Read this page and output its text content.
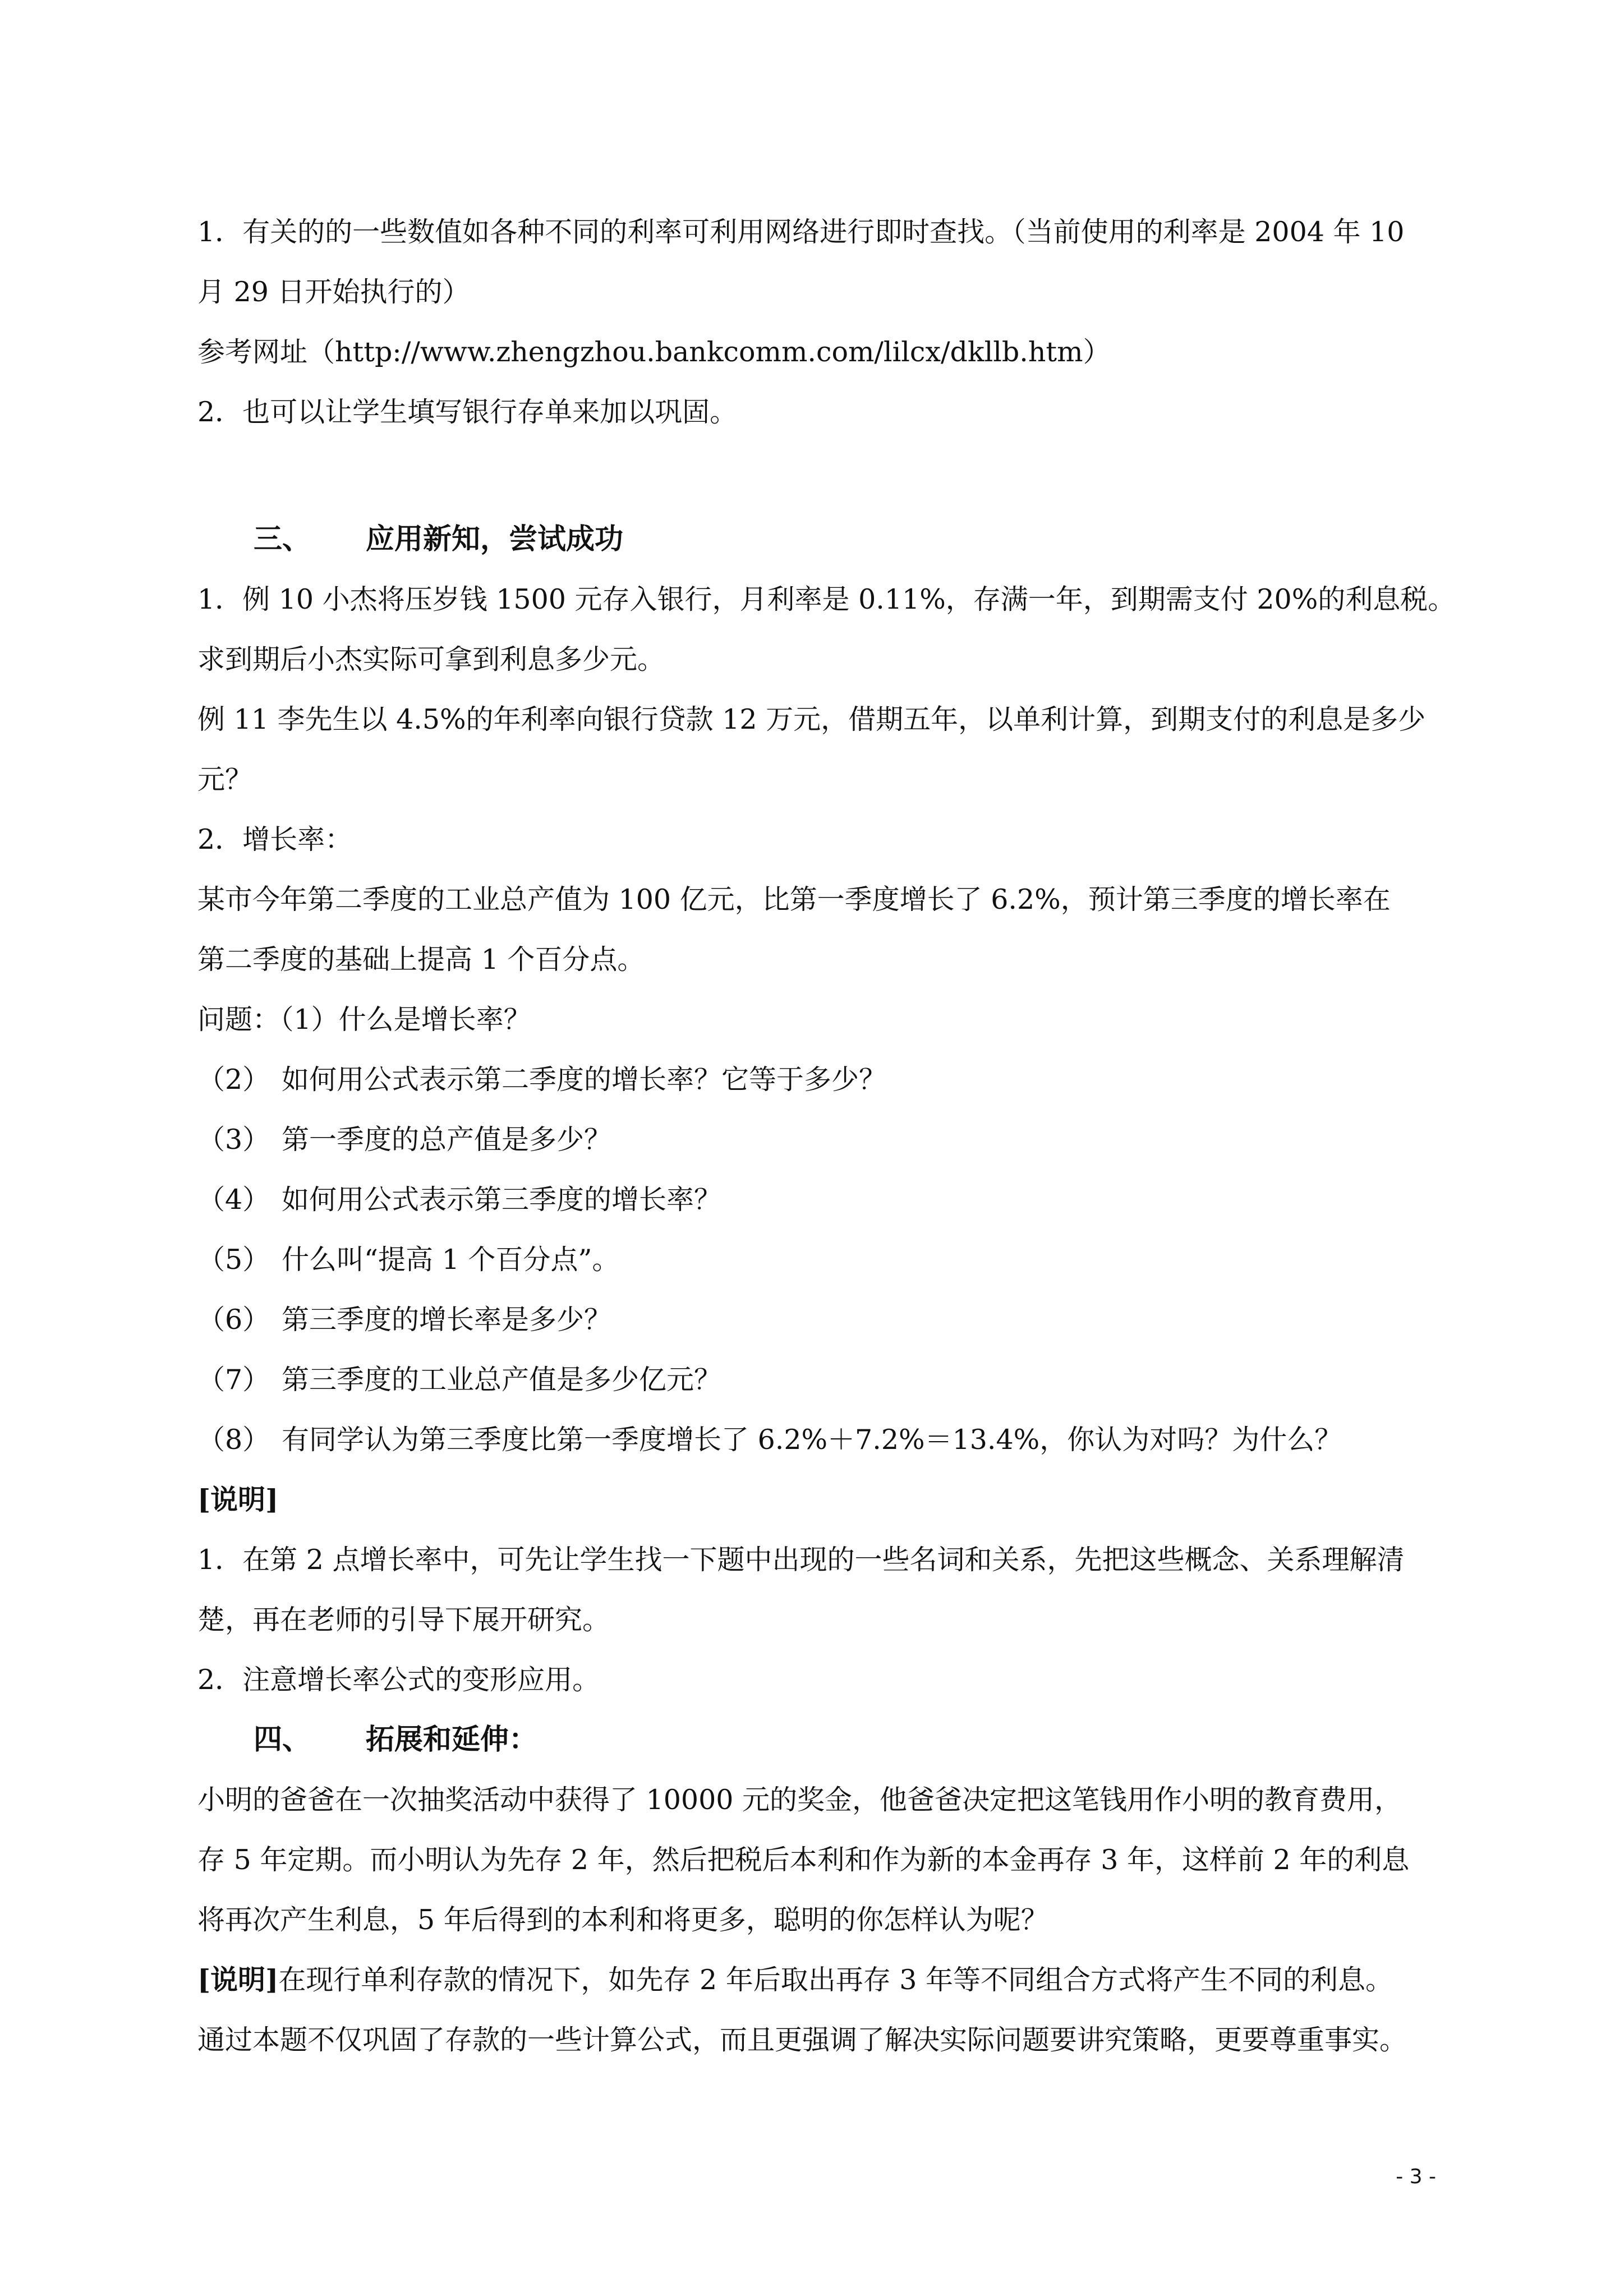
1．有关的的一些数值如各种不同的利率可利用网络进行即时查找。（当前使用的利率是 2004 年 10

月 29 日开始执行的）

参考网址（http://www.zhengzhou.bankcomm.com/lilcx/dkllb.htm）

2．也可以让学生填写银行存单来加以巩固。

三、 应用新知，尝试成功

1．例 10 小杰将压岁钱 1500 元存入银行，月利率是 0.11%，存满一年，到期需支付 20%的利息税。

求到期后小杰实际可拿到利息多少元。

例 11 李先生以 4.5%的年利率向银行贷款 12 万元，借期五年，以单利计算，到期支付的利息是多少

元？

2．增长率：

某市今年第二季度的工业总产值为 100 亿元，比第一季度增长了 6.2%，预计第三季度的增长率在

第二季度的基础上提高 1 个百分点。

问题：（1）什么是增长率？

（2） 如何用公式表示第二季度的增长率？它等于多少？
（3） 第一季度的总产值是多少？
（4） 如何用公式表示第三季度的增长率？
（5） 什么叫“提高 1 个百分点”。
（6） 第三季度的增长率是多少？
（7） 第三季度的工业总产值是多少亿元？
（8） 有同学认为第三季度比第一季度增长了 6.2%＋7.2%＝13.4%，你认为对吗？为什么？

[说明]

1．在第 2 点增长率中，可先让学生找一下题中出现的一些名词和关系，先把这些概念、关系理解清

楚，再在老师的引导下展开研究。

2．注意增长率公式的变形应用。

四、 拓展和延伸：

小明的爸爸在一次抽奖活动中获得了 10000 元的奖金，他爸爸决定把这笔钱用作小明的教育费用，

存 5 年定期。而小明认为先存 2 年，然后把税后本利和作为新的本金再存 3 年，这样前 2 年的利息

将再次产生利息，5 年后得到的本利和将更多，聪明的你怎样认为呢？

[说明]在现行单利存款的情况下，如先存 2 年后取出再存 3 年等不同组合方式将产生不同的利息。

通过本题不仅巩固了存款的一些计算公式，而且更强调了解决实际问题要讲究策略，更要尊重事实。

- 3 -
